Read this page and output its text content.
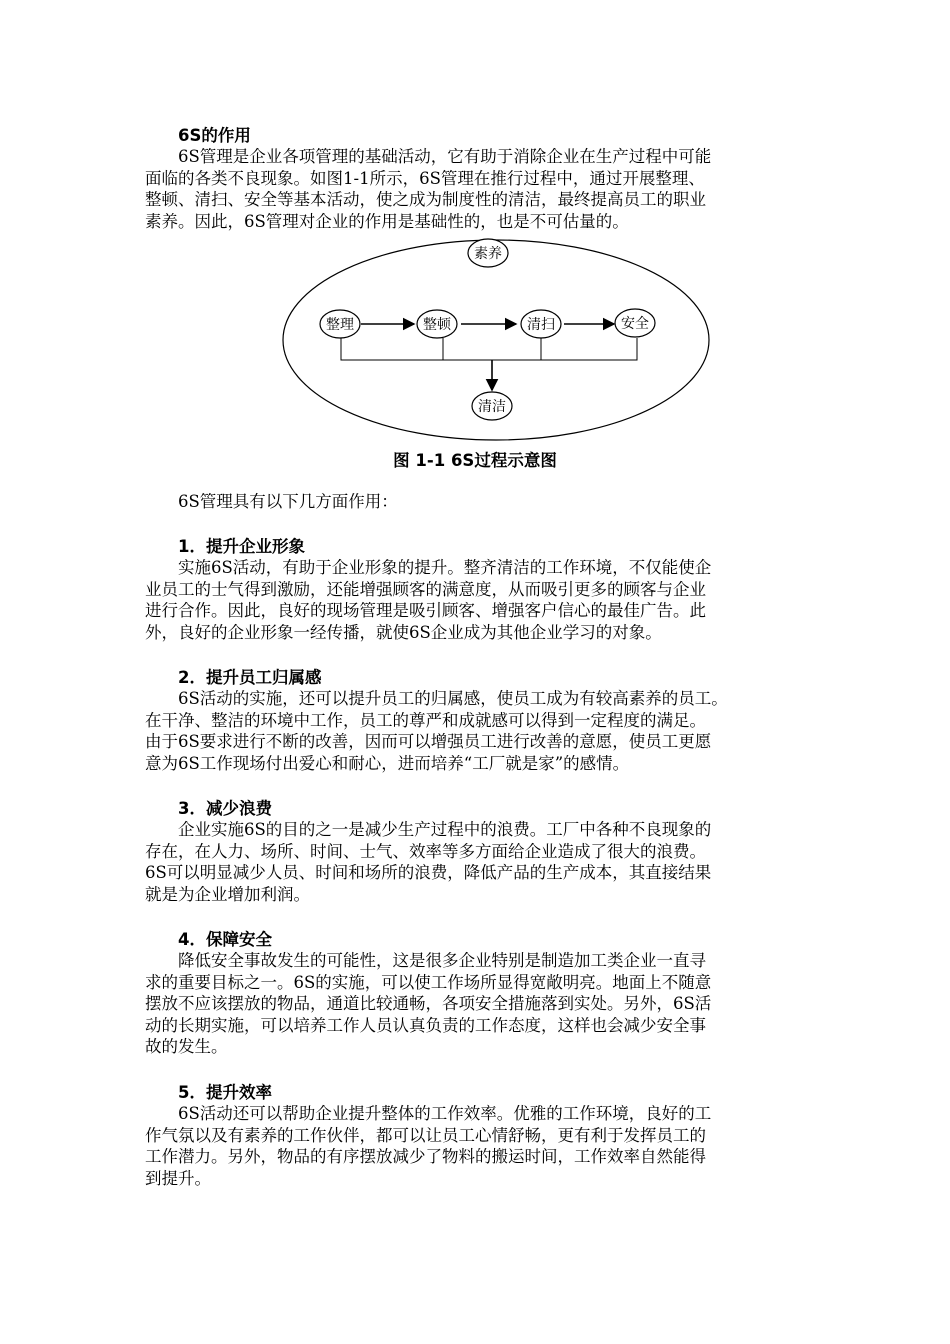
6S的作用
6S管理是企业各项管理的基础活动，它有助于消除企业在生产过程中可能
面临的各类不良现象。如图1-1所示，6S管理在推行过程中，通过开展整理、
整顿、清扫、安全等基本活动，使之成为制度性的清洁，最终提高员工的职业
素养。因此，6S管理对企业的作用是基础性的，也是不可估量的。
素养
整理	整顿	清扫	安全
清洁
图 1-1 6S过程示意图
6S管理具有以下几方面作用：
1．提升企业形象
实施6S活动，有助于企业形象的提升。整齐清洁的工作环境，不仅能使企
业员工的士气得到激励，还能增强顾客的满意度，从而吸引更多的顾客与企业
进行合作。因此，良好的现场管理是吸引顾客、增强客户信心的最佳广告。此
外，良好的企业形象一经传播，就使6S企业成为其他企业学习的对象。
2．提升员工归属感
6S活动的实施，还可以提升员工的归属感，使员工成为有较高素养的员工。
在干净、整洁的环境中工作，员工的尊严和成就感可以得到一定程度的满足。
由于6S要求进行不断的改善，因而可以增强员工进行改善的意愿，使员工更愿
意为6S工作现场付出爱心和耐心，进而培养“工厂就是家”的感情。
3．减少浪费
企业实施6S的目的之一是减少生产过程中的浪费。工厂中各种不良现象的
存在，在人力、场所、时间、士气、效率等多方面给企业造成了很大的浪费。
6S可以明显减少人员、时间和场所的浪费，降低产品的生产成本，其直接结果
就是为企业增加利润。
4．保障安全
降低安全事故发生的可能性，这是很多企业特别是制造加工类企业一直寻
求的重要目标之一。6S的实施，可以使工作场所显得宽敞明亮。地面上不随意
摆放不应该摆放的物品，通道比较通畅，各项安全措施落到实处。另外，6S活
动的长期实施，可以培养工作人员认真负责的工作态度，这样也会减少安全事
故的发生。
5．提升效率
6S活动还可以帮助企业提升整体的工作效率。优雅的工作环境，良好的工
作气氛以及有素养的工作伙伴，都可以让员工心情舒畅，更有利于发挥员工的
工作潜力。另外，物品的有序摆放减少了物料的搬运时间，工作效率自然能得
到提升。
